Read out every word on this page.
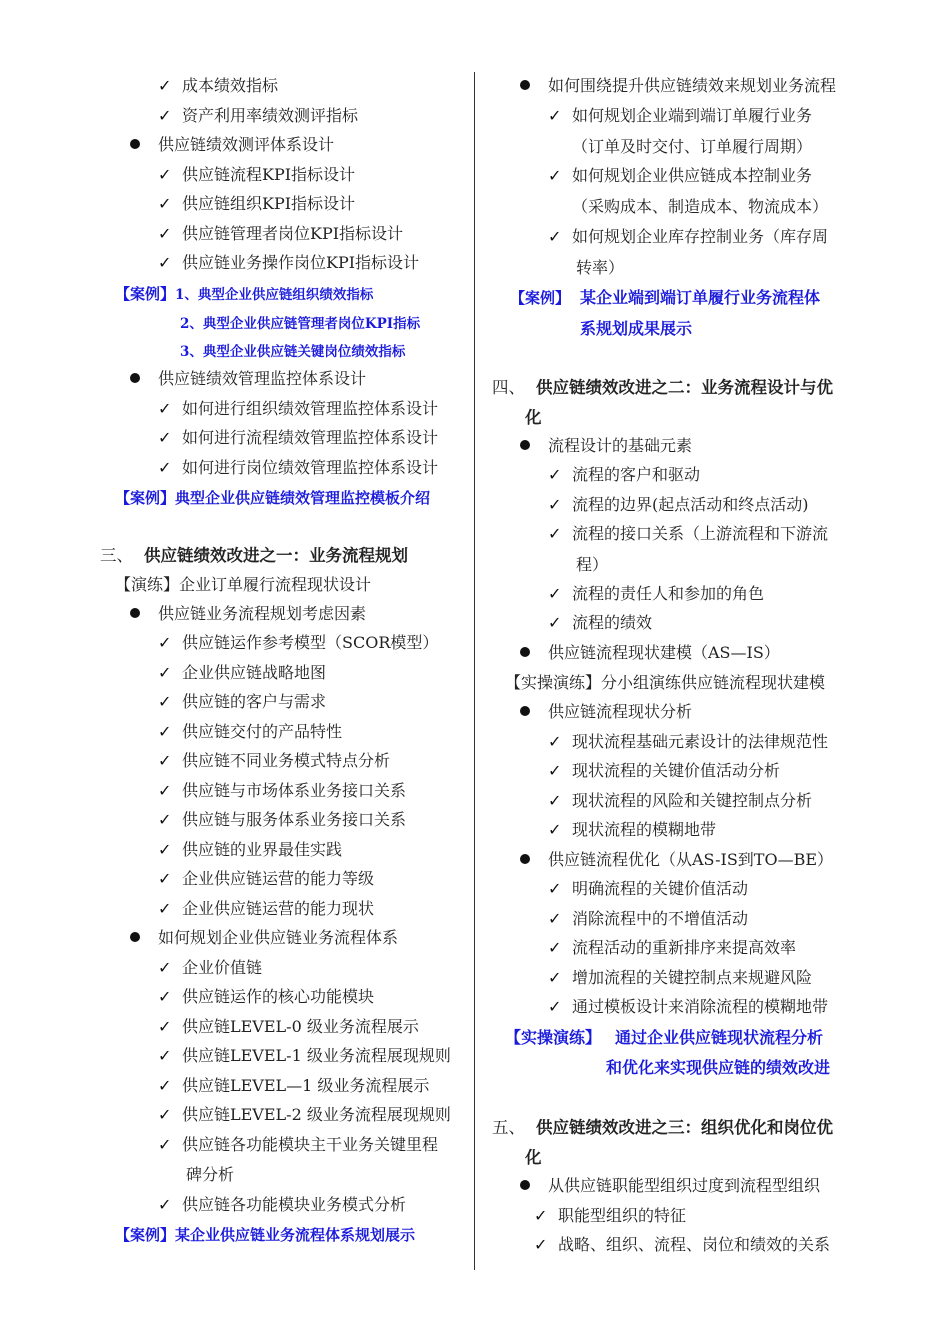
✓ 成本绩效指标
✓ 资产利用率绩效测评指标
供应链绩效测评体系设计
✓ 供应链流程KPI指标设计
✓ 供应链组织KPI指标设计
✓ 供应链管理者岗位KPI指标设计
✓ 供应链业务操作岗位KPI指标设计
【案例】1、典型企业供应链组织绩效指标
2、典型企业供应链管理者岗位KPI指标
3、典型企业供应链关键岗位绩效指标
供应链绩效管理监控体系设计
✓ 如何进行组织绩效管理监控体系设计
✓ 如何进行流程绩效管理监控体系设计
✓ 如何进行岗位绩效管理监控体系设计
【案例】典型企业供应链绩效管理监控模板介绍
三、 供应链绩效改进之一：业务流程规划
【演练】企业订单履行流程现状设计
供应链业务流程规划考虑因素
✓ 供应链运作参考模型（SCOR模型）
✓ 企业供应链战略地图
✓ 供应链的客户与需求
✓ 供应链交付的产品特性
✓ 供应链不同业务模式特点分析
✓ 供应链与市场体系业务接口关系
✓ 供应链与服务体系业务接口关系
✓ 供应链的业界最佳实践
✓ 企业供应链运营的能力等级
✓ 企业供应链运营的能力现状
如何规划企业供应链业务流程体系
✓ 企业价值链
✓ 供应链运作的核心功能模块
✓ 供应链LEVEL-0 级业务流程展示
✓ 供应链LEVEL-1 级业务流程展现规则
✓ 供应链LEVEL—1 级业务流程展示
✓ 供应链LEVEL-2 级业务流程展现规则
✓ 供应链各功能模块主干业务关键里程
碑分析
✓ 供应链各功能模块业务模式分析
【案例】某企业供应链业务流程体系规划展示
如何围绕提升供应链绩效来规划业务流程
✓ 如何规划企业端到端订单履行业务
（订单及时交付、订单履行周期）
✓ 如何规划企业供应链成本控制业务
（采购成本、制造成本、物流成本）
✓ 如何规划企业库存控制业务（库存周
转率）
【案例】 某企业端到端订单履行业务流程体
系规划成果展示
四、 供应链绩效改进之二：业务流程设计与优
化
流程设计的基础元素
✓ 流程的客户和驱动
✓ 流程的边界(起点活动和终点活动)
✓ 流程的接口关系（上游流程和下游流
程）
✓ 流程的责任人和参加的角色
✓ 流程的绩效
供应链流程现状建模（AS—IS）
【实操演练】分小组演练供应链流程现状建模
供应链流程现状分析
✓ 现状流程基础元素设计的法律规范性
✓ 现状流程的关键价值活动分析
✓ 现状流程的风险和关键控制点分析
✓ 现状流程的模糊地带
供应链流程优化（从AS-IS到TO—BE）
✓ 明确流程的关键价值活动
✓ 消除流程中的不增值活动
✓ 流程活动的重新排序来提高效率
✓ 增加流程的关键控制点来规避风险
✓ 通过模板设计来消除流程的模糊地带
【实操演练】 通过企业供应链现状流程分析
和优化来实现供应链的绩效改进
五、 供应链绩效改进之三：组织优化和岗位优
化
从供应链职能型组织过度到流程型组织
✓ 职能型组织的特征
✓ 战略、组织、流程、岗位和绩效的关系
